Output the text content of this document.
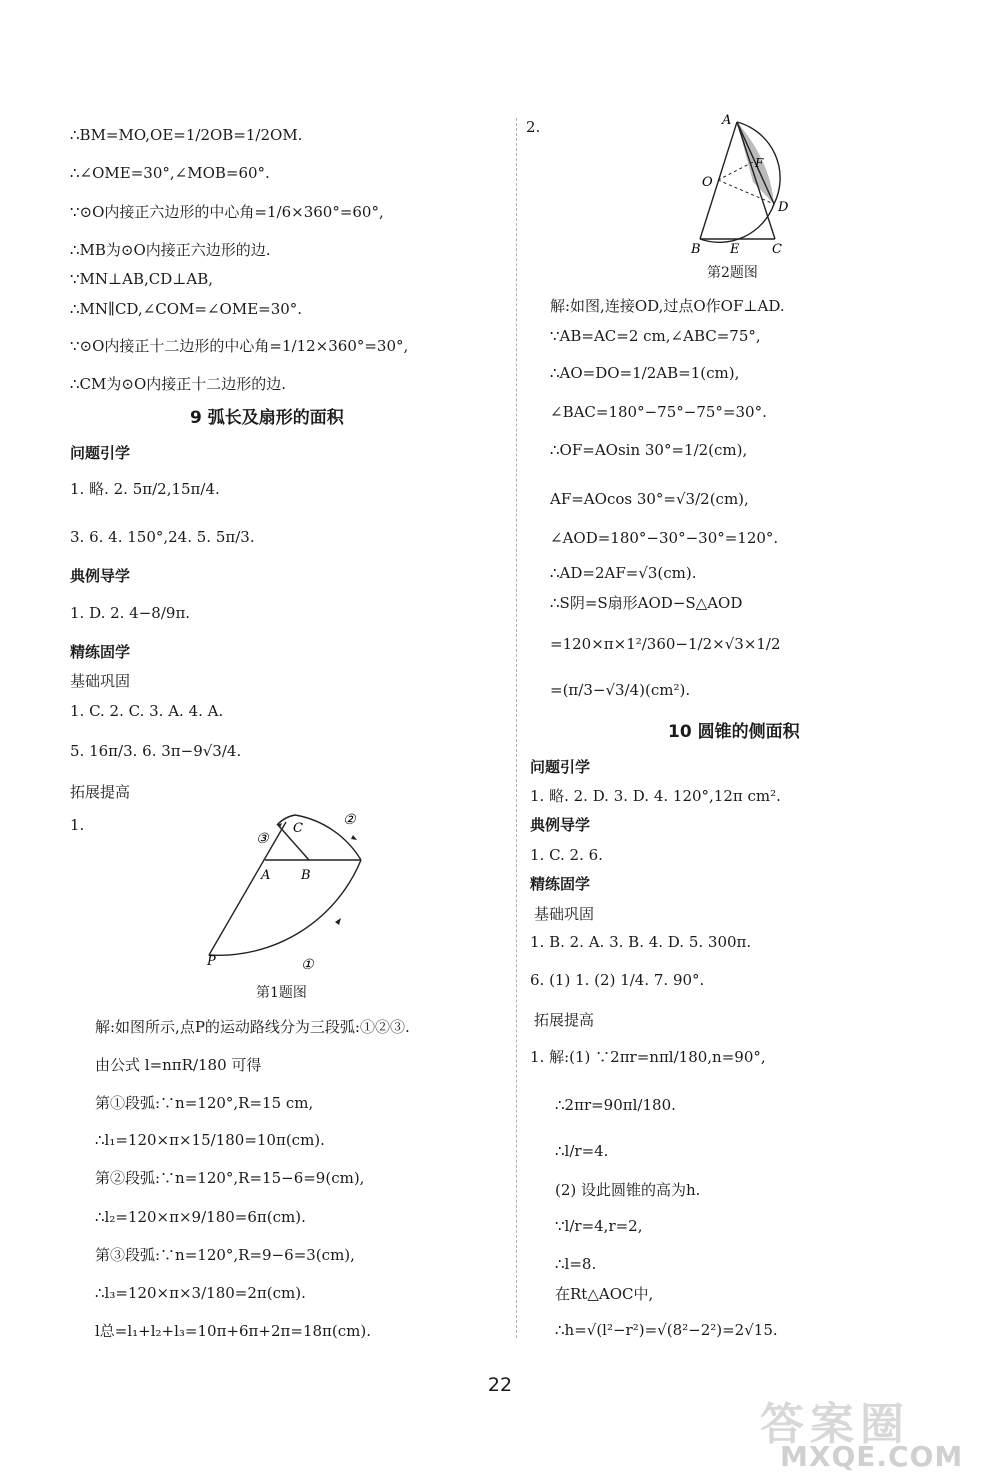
∴BM=MO,OE=1/2OB=1/2OM.
∴∠OME=30°,∠MOB=60°.
∵⊙O内接正六边形的中心角=1/6×360°=60°,
∴MB为⊙O内接正六边形的边.
∵MN⊥AB,CD⊥AB,
∴MN∥CD,∠COM=∠OME=30°.
∵⊙O内接正十二边形的中心角=1/12×360°=30°,
∴CM为⊙O内接正十二边形的边.
9 弧长及扇形的面积
问题引学
1. 略. 2. 5π/2,15π/4.
3. 6. 4. 150°,24. 5. 5π/3.
典例导学
1. D. 2. 4−8/9π.
精练固学
基础巩固
1. C. 2. C. 3. A. 4. A.
5. 16π/3. 6. 3π−9√3/4.
拓展提高
1.
A B
C
P	①
②
③
第1题图
解:如图所示,点P的运动路线分为三段弧:①②③.
由公式 l=nπR/180 可得
第①段弧:∵n=120°,R=15 cm,
∴l₁=120×π×15/180=10π(cm).
第②段弧:∵n=120°,R=15−6=9(cm),
∴l₂=120×π×9/180=6π(cm).
第③段弧:∵n=120°,R=9−6=3(cm),
∴l₃=120×π×3/180=2π(cm).
l总=l₁+l₂+l₃=10π+6π+2π=18π(cm).
2.	A
O
F
D
B E	C
第2题图
解:如图,连接OD,过点O作OF⊥AD.
∵AB=AC=2 cm,∠ABC=75°,
∴AO=DO=1/2AB=1(cm),
∠BAC=180°−75°−75°=30°.
∴OF=AOsin 30°=1/2(cm),
AF=AOcos 30°=√3/2(cm),
∠AOD=180°−30°−30°=120°.
∴AD=2AF=√3(cm).
∴S阴=S扇形AOD−S△AOD
=120×π×1²/360−1/2×√3×1/2
=(π/3−√3/4)(cm²).
10 圆锥的侧面积
问题引学
1. 略. 2. D. 3. D. 4. 120°,12π cm².
典例导学
1. C. 2. 6.
精练固学
基础巩固
1. B. 2. A. 3. B. 4. D. 5. 300π.
6. (1) 1. (2) 1/4. 7. 90°.
拓展提高
1. 解:(1) ∵2πr=nπl/180,n=90°,
∴2πr=90πl/180.
∴l/r=4.
(2) 设此圆锥的高为h.
∵l/r=4,r=2,
∴l=8.
在Rt△AOC中,
∴h=√(l²−r²)=√(8²−2²)=2√15.
22
答案圈
MXQE.COM
